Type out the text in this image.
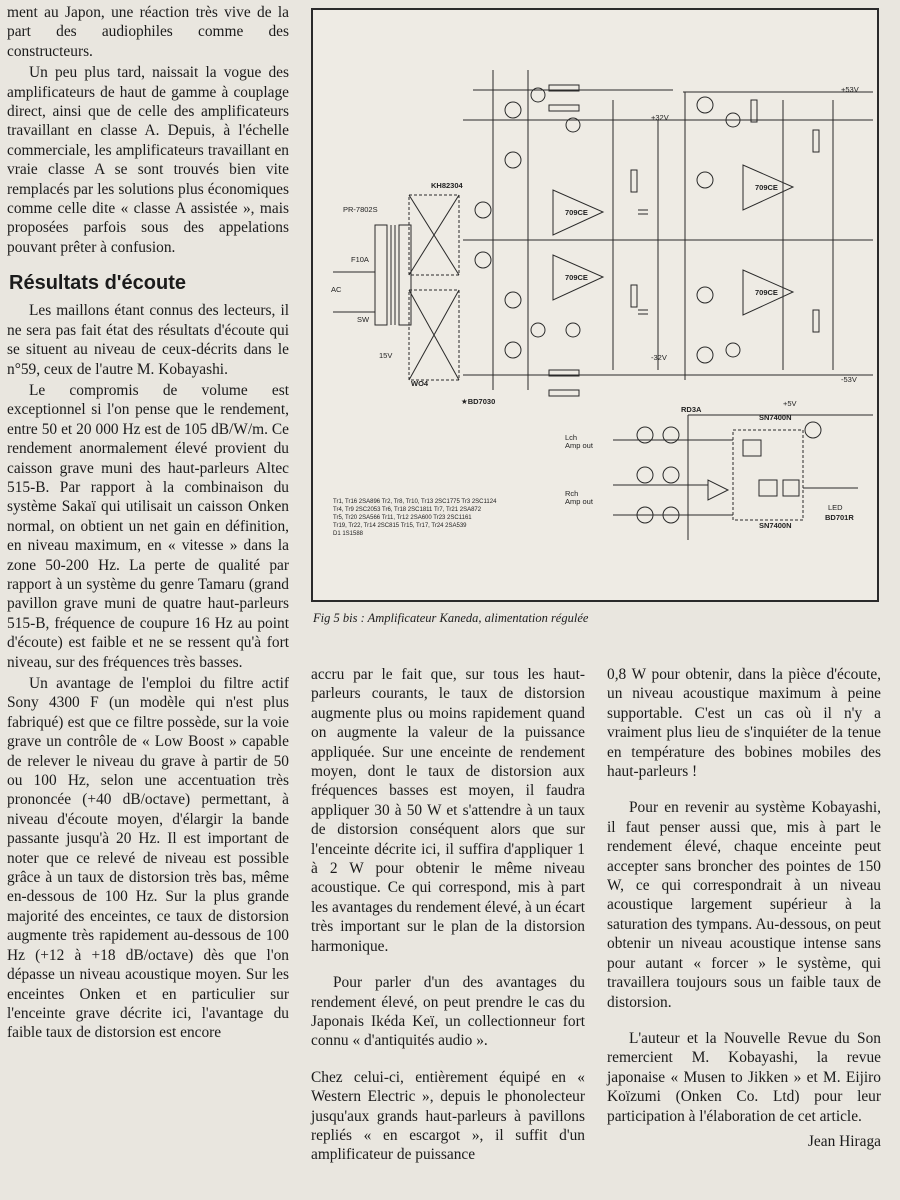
ment au Japon, une réaction très vive de la part des audiophiles comme des constructeurs.

Un peu plus tard, naissait la vogue des amplificateurs de haut de gamme à couplage direct, ainsi que de celle des amplificateurs travaillant en classe A. Depuis, à l'échelle commerciale, les amplificateurs travaillant en vraie classe A se sont trouvés bien vite remplacés par les solutions plus économiques comme celle dite « classe A assistée », mais proposées parfois sous des appelations pouvant prêter à confusion.

Résultats d'écoute

Les maillons étant connus des lecteurs, il ne sera pas fait état des résultats d'écoute qui se situent au niveau de ceux-décrits dans le n°59, ceux de l'autre M. Kobayashi.

Le compromis de volume est exceptionnel si l'on pense que le rendement, entre 50 et 20 000 Hz est de 105 dB/W/m. Ce rendement anormalement élevé provient du caisson grave muni des haut-parleurs Altec 515-B. Par rapport à la combinaison du système Sakaï qui utilisait un caisson Onken normal, on obtient un net gain en définition, en niveau maximum, en « vitesse » dans la zone 50-200 Hz. La perte de qualité par rapport à un système du genre Tamaru (grand pavillon grave muni de quatre haut-parleurs 515-B, fréquence de coupure 16 Hz au point d'écoute) est faible et ne se ressent qu'à fort niveau, sur des fréquences très basses.

Un avantage de l'emploi du filtre actif Sony 4300 F (un modèle qui n'est plus fabriqué) est que ce filtre possède, sur la voie grave un contrôle de « Low Boost » capable de relever le niveau du grave à partir de 50 ou 100 Hz, selon une accentuation très prononcée (+40 dB/octave) permettant, à niveau d'écoute moyen, d'élargir la bande passante jusqu'à 20 Hz. Il est important de noter que ce relevé de niveau est possible grâce à un taux de distorsion très bas, même en-dessous de 100 Hz. Sur la plus grande majorité des enceintes, ce taux de distorsion augmente très rapidement au-dessous de 100 Hz (+12 à +18 dB/octave) dès que l'on dépasse un niveau acoustique moyen. Sur les enceintes Onken et en particulier sur l'enceinte grave décrite ici, l'avantage du faible taux de distorsion est encore

KH82304
PR-7802S
F10A
AC
SW
WO4
★BD7030
709CE
709CE
709CE
709CE
RD3A
SN7400N
SN7400N
LED
BD701R
Lch Amp out
Rch Amp out
+32V
-32V
+53V
-53V
+5V
15V
Tr1, Tr16 2SA896 Tr2, Tr8, Tr10, Tr13 2SC1775 Tr3 2SC1124
Tr4, Tr9 2SC2053 Tr6, Tr18 2SC1811 Tr7, Tr21 2SA872
Tr5, Tr20 2SA566 Tr11, Tr12 2SA600 Tr23 2SC1161
Tr19, Tr22, Tr14 2SC815 Tr15, Tr17, Tr24 2SA539
D1 1S1588
Fig 5 bis : Amplificateur Kaneda, alimentation régulée

accru par le fait que, sur tous les haut-parleurs courants, le taux de distorsion augmente plus ou moins rapidement quand on augmente la valeur de la puissance appliquée. Sur une enceinte de rendement moyen, dont le taux de distorsion aux fréquences basses est moyen, il faudra appliquer 30 à 50 W et s'attendre à un taux de distorsion conséquent alors que sur l'enceinte décrite ici, il suffira d'appliquer 1 à 2 W pour obtenir le même niveau acoustique. Ce qui correspond, mis à part les avantages du rendement élevé, à un écart très important sur le plan de la distorsion harmonique.

Pour parler d'un des avantages du rendement élevé, on peut prendre le cas du Japonais Ikéda Keï, un collectionneur fort connu « d'antiquités audio ».

Chez celui-ci, entièrement équipé en « Western Electric », depuis le phonolecteur jusqu'aux grands haut-parleurs à pavillons repliés « en escargot », il suffit d'un amplificateur de puissance

0,8 W pour obtenir, dans la pièce d'écoute, un niveau acoustique maximum à peine supportable. C'est un cas où il n'y a vraiment plus lieu de s'inquiéter de la tenue en température des bobines mobiles des haut-parleurs !

Pour en revenir au système Kobayashi, il faut penser aussi que, mis à part le rendement élevé, chaque enceinte peut accepter sans broncher des pointes de 150 W, ce qui correspondrait à un niveau acoustique largement supérieur à la saturation des tympans. Au-dessous, on peut obtenir un niveau acoustique intense sans pour autant « forcer » le système, qui travaillera toujours sous un faible taux de distorsion.

L'auteur et la Nouvelle Revue du Son remercient M. Kobayashi, la revue japonaise « Musen to Jikken » et M. Eijiro Koïzumi (Onken Co. Ltd) pour leur participation à l'élaboration de cet article.

Jean Hiraga
